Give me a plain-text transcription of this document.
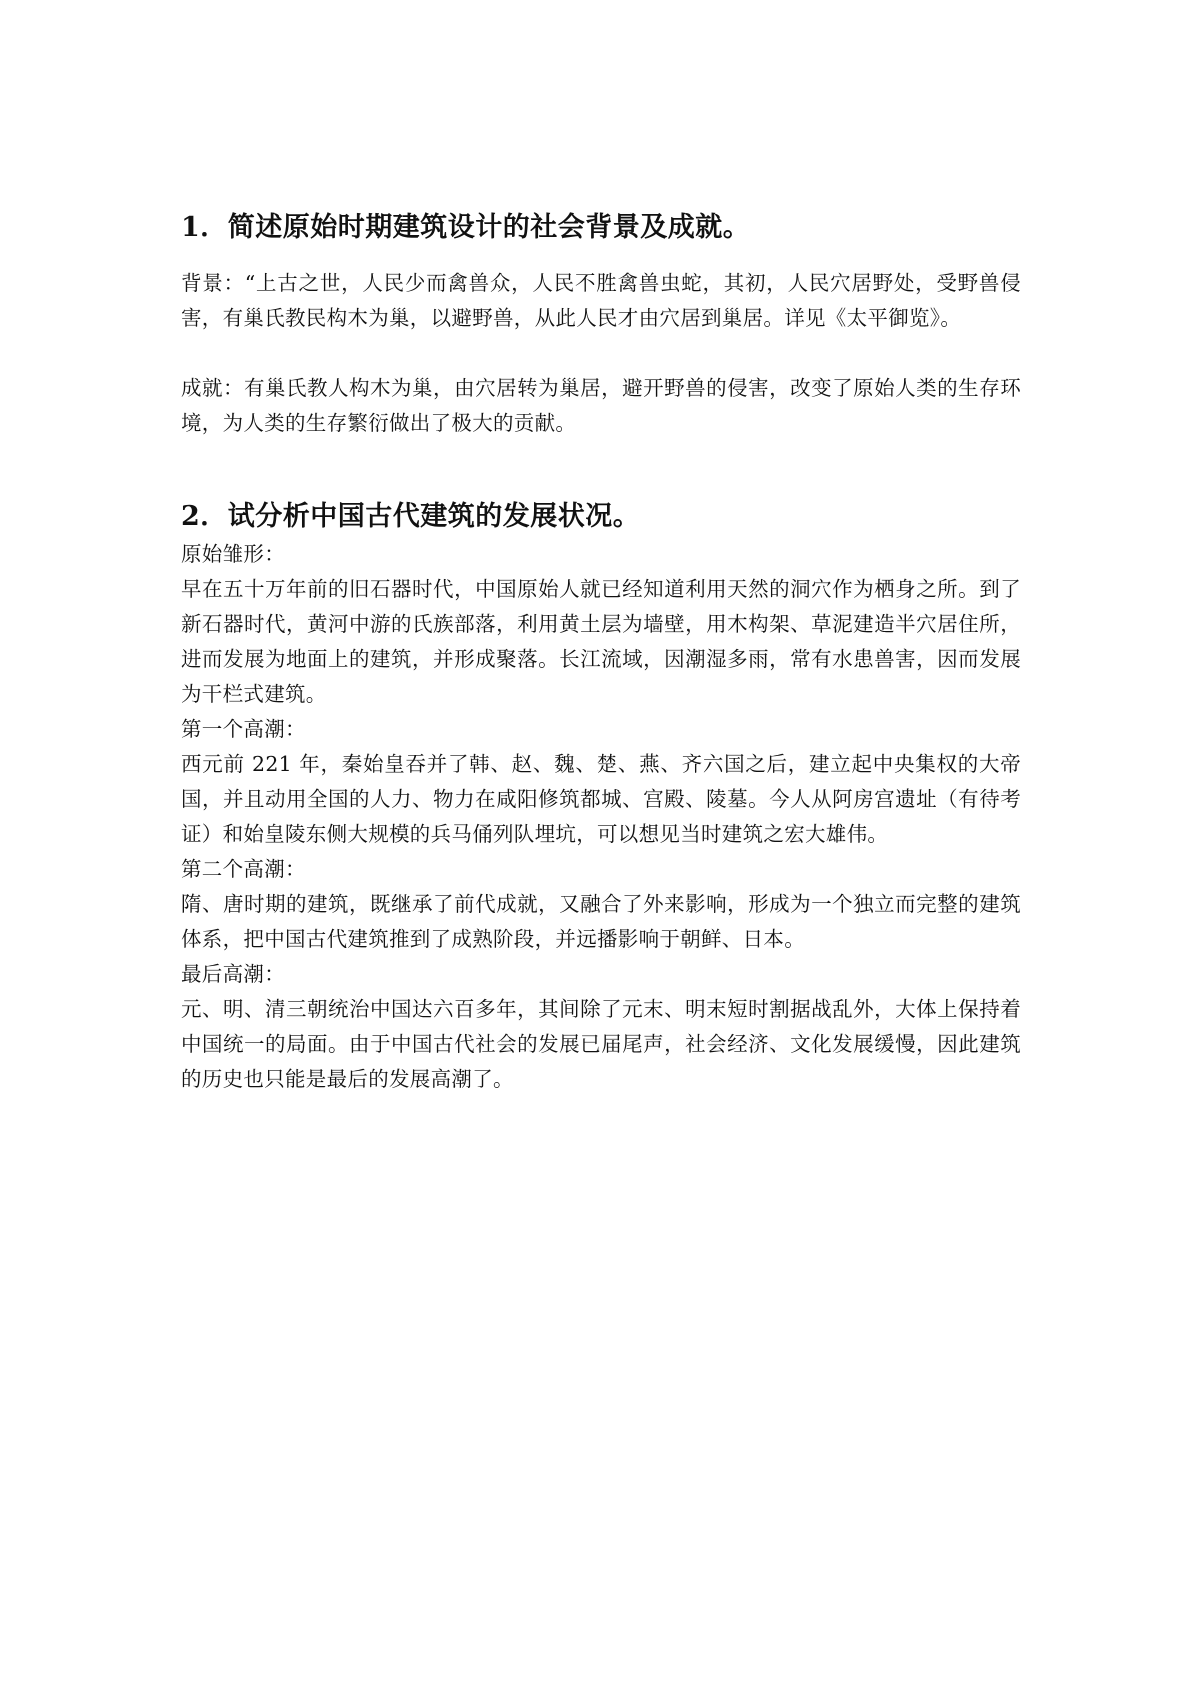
1．简述原始时期建筑设计的社会背景及成就。

背景：“上古之世，人民少而禽兽众，人民不胜禽兽虫蛇，其初，人民穴居野处，受野兽侵害，有巢氏教民构木为巢，以避野兽，从此人民才由穴居到巢居。详见《太平御览》。

成就：有巢氏教人构木为巢，由穴居转为巢居，避开野兽的侵害，改变了原始人类的生存环境，为人类的生存繁衍做出了极大的贡献。

2．试分析中国古代建筑的发展状况。

原始雏形：

早在五十万年前的旧石器时代，中国原始人就已经知道利用天然的洞穴作为栖身之所。到了新石器时代，黄河中游的氏族部落，利用黄土层为墙壁，用木构架、草泥建造半穴居住所，进而发展为地面上的建筑，并形成聚落。长江流域，因潮湿多雨，常有水患兽害，因而发展为干栏式建筑。

第一个高潮：

西元前 221 年，秦始皇吞并了韩、赵、魏、楚、燕、齐六国之后，建立起中央集权的大帝国，并且动用全国的人力、物力在咸阳修筑都城、宫殿、陵墓。今人从阿房宫遗址（有待考证）和始皇陵东侧大规模的兵马俑列队埋坑，可以想见当时建筑之宏大雄伟。

第二个高潮：

隋、唐时期的建筑，既继承了前代成就，又融合了外来影响，形成为一个独立而完整的建筑体系，把中国古代建筑推到了成熟阶段，并远播影响于朝鲜、日本。

最后高潮：

元、明、清三朝统治中国达六百多年，其间除了元末、明末短时割据战乱外，大体上保持着中国统一的局面。由于中国古代社会的发展已届尾声，社会经济、文化发展缓慢，因此建筑的历史也只能是最后的发展高潮了。
